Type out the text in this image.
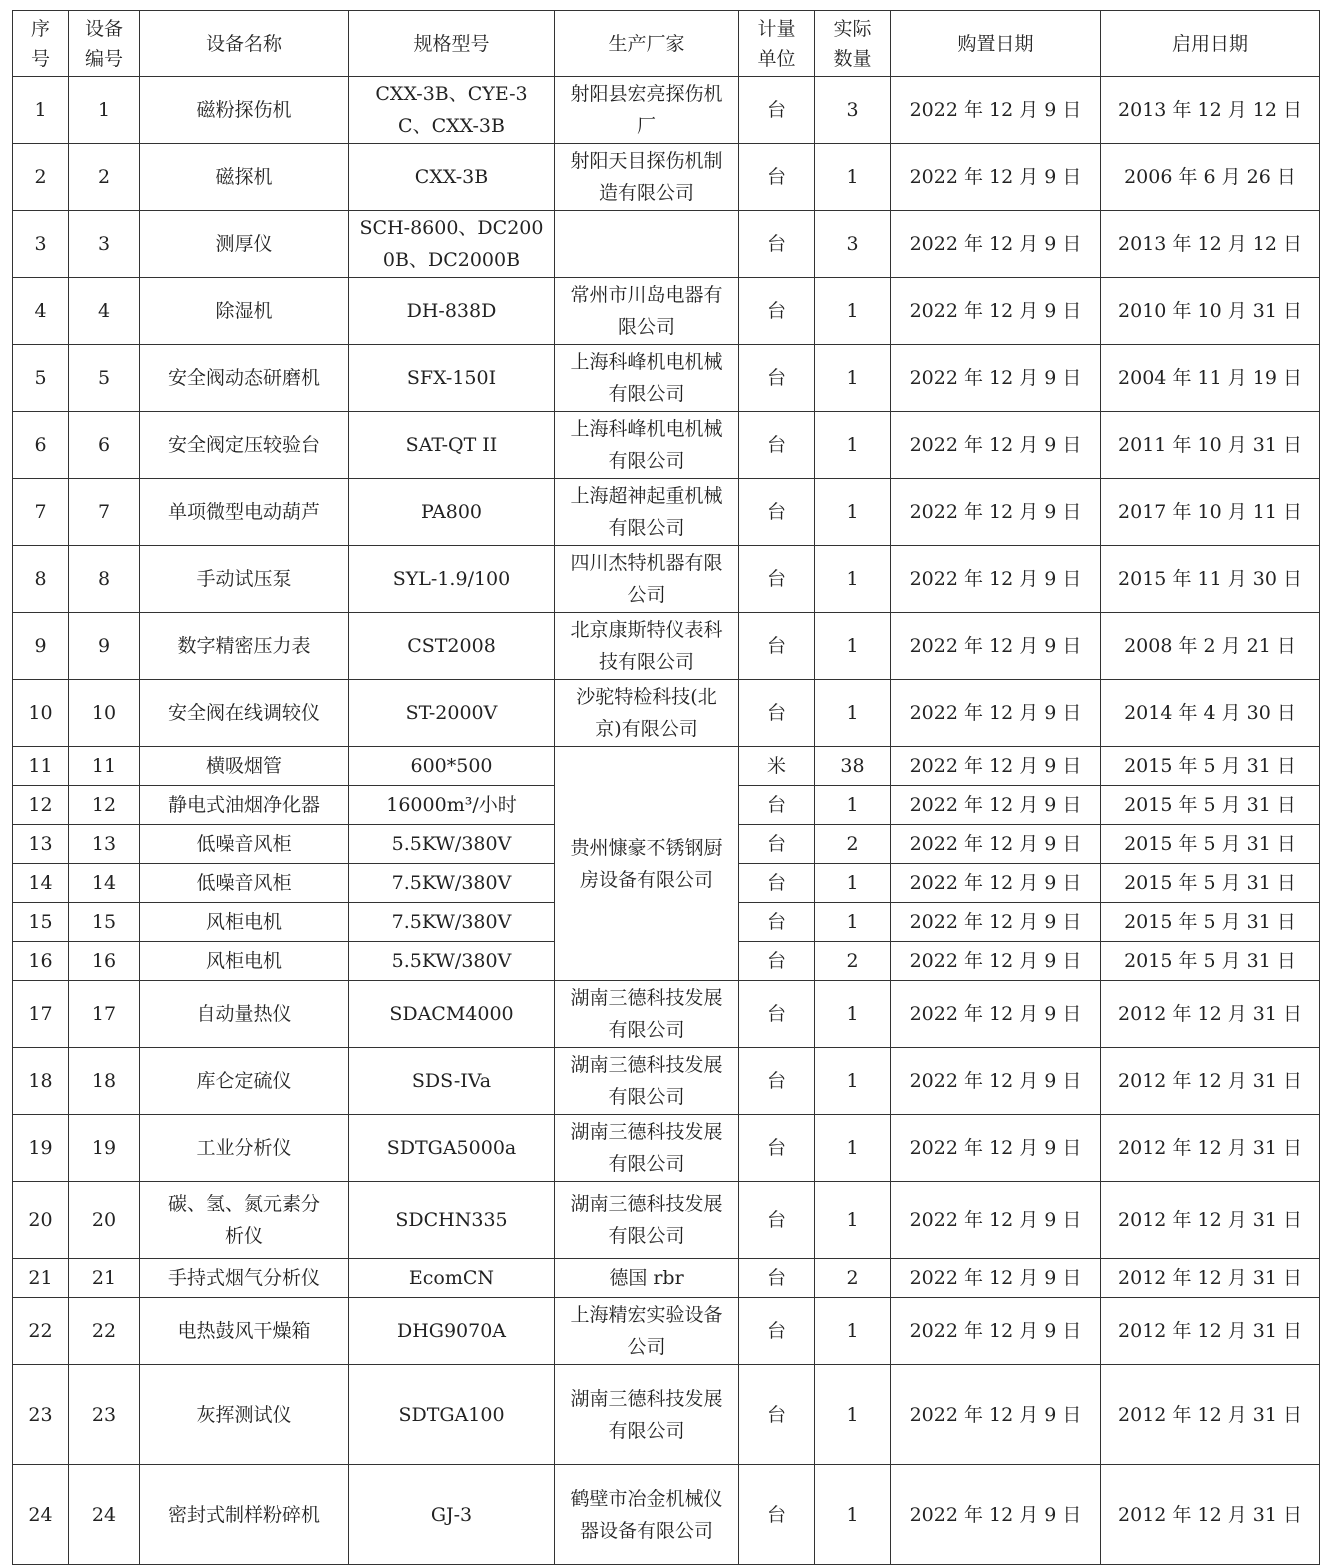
序号	设备编号	设备名称	规格型号	生产厂家	计量单位	实际数量	购置日期	启用日期
1	1	磁粉探伤机	CXX-3B、CYE-3C、CXX-3B	射阳县宏亮探伤机厂	台	3	2022 年 12 月 9 日	2013 年 12 月 12 日
2	2	磁探机	CXX-3B	射阳天目探伤机制造有限公司	台	1	2022 年 12 月 9 日	2006 年 6 月 26 日
3	3	测厚仪	SCH-8600、DC2000B、DC2000B		台	3	2022 年 12 月 9 日	2013 年 12 月 12 日
4	4	除湿机	DH-838D	常州市川岛电器有限公司	台	1	2022 年 12 月 9 日	2010 年 10 月 31 日
5	5	安全阀动态研磨机	SFX-150I	上海科峰机电机械有限公司	台	1	2022 年 12 月 9 日	2004 年 11 月 19 日
6	6	安全阀定压较验台	SAT-QT II	上海科峰机电机械有限公司	台	1	2022 年 12 月 9 日	2011 年 10 月 31 日
7	7	单项微型电动葫芦	PA800	上海超神起重机械有限公司	台	1	2022 年 12 月 9 日	2017 年 10 月 11 日
8	8	手动试压泵	SYL-1.9/100	四川杰特机器有限公司	台	1	2022 年 12 月 9 日	2015 年 11 月 30 日
9	9	数字精密压力表	CST2008	北京康斯特仪表科技有限公司	台	1	2022 年 12 月 9 日	2008 年 2 月 21 日
10	10	安全阀在线调较仪	ST-2000V	沙驼特检科技(北京)有限公司	台	1	2022 年 12 月 9 日	2014 年 4 月 30 日
11	11	横吸烟管	600*500	贵州慷豪不锈钢厨房设备有限公司	米	38	2022 年 12 月 9 日	2015 年 5 月 31 日
12	12	静电式油烟净化器	16000m³/小时		台	1	2022 年 12 月 9 日	2015 年 5 月 31 日
13	13	低噪音风柜	5.5KW/380V		台	2	2022 年 12 月 9 日	2015 年 5 月 31 日
14	14	低噪音风柜	7.5KW/380V		台	1	2022 年 12 月 9 日	2015 年 5 月 31 日
15	15	风柜电机	7.5KW/380V		台	1	2022 年 12 月 9 日	2015 年 5 月 31 日
16	16	风柜电机	5.5KW/380V		台	2	2022 年 12 月 9 日	2015 年 5 月 31 日
17	17	自动量热仪	SDACM4000	湖南三德科技发展有限公司	台	1	2022 年 12 月 9 日	2012 年 12 月 31 日
18	18	库仑定硫仪	SDS-IVa	湖南三德科技发展有限公司	台	1	2022 年 12 月 9 日	2012 年 12 月 31 日
19	19	工业分析仪	SDTGA5000a	湖南三德科技发展有限公司	台	1	2022 年 12 月 9 日	2012 年 12 月 31 日
20	20	碳、氢、氮元素分析仪	SDCHN335	湖南三德科技发展有限公司	台	1	2022 年 12 月 9 日	2012 年 12 月 31 日
21	21	手持式烟气分析仪	EcomCN	德国 rbr	台	2	2022 年 12 月 9 日	2012 年 12 月 31 日
22	22	电热鼓风干燥箱	DHG9070A	上海精宏实验设备公司	台	1	2022 年 12 月 9 日	2012 年 12 月 31 日
23	23	灰挥测试仪	SDTGA100	湖南三德科技发展有限公司	台	1	2022 年 12 月 9 日	2012 年 12 月 31 日
24	24	密封式制样粉碎机	GJ-3	鹤壁市冶金机械仪器设备有限公司	台	1	2022 年 12 月 9 日	2012 年 12 月 31 日
